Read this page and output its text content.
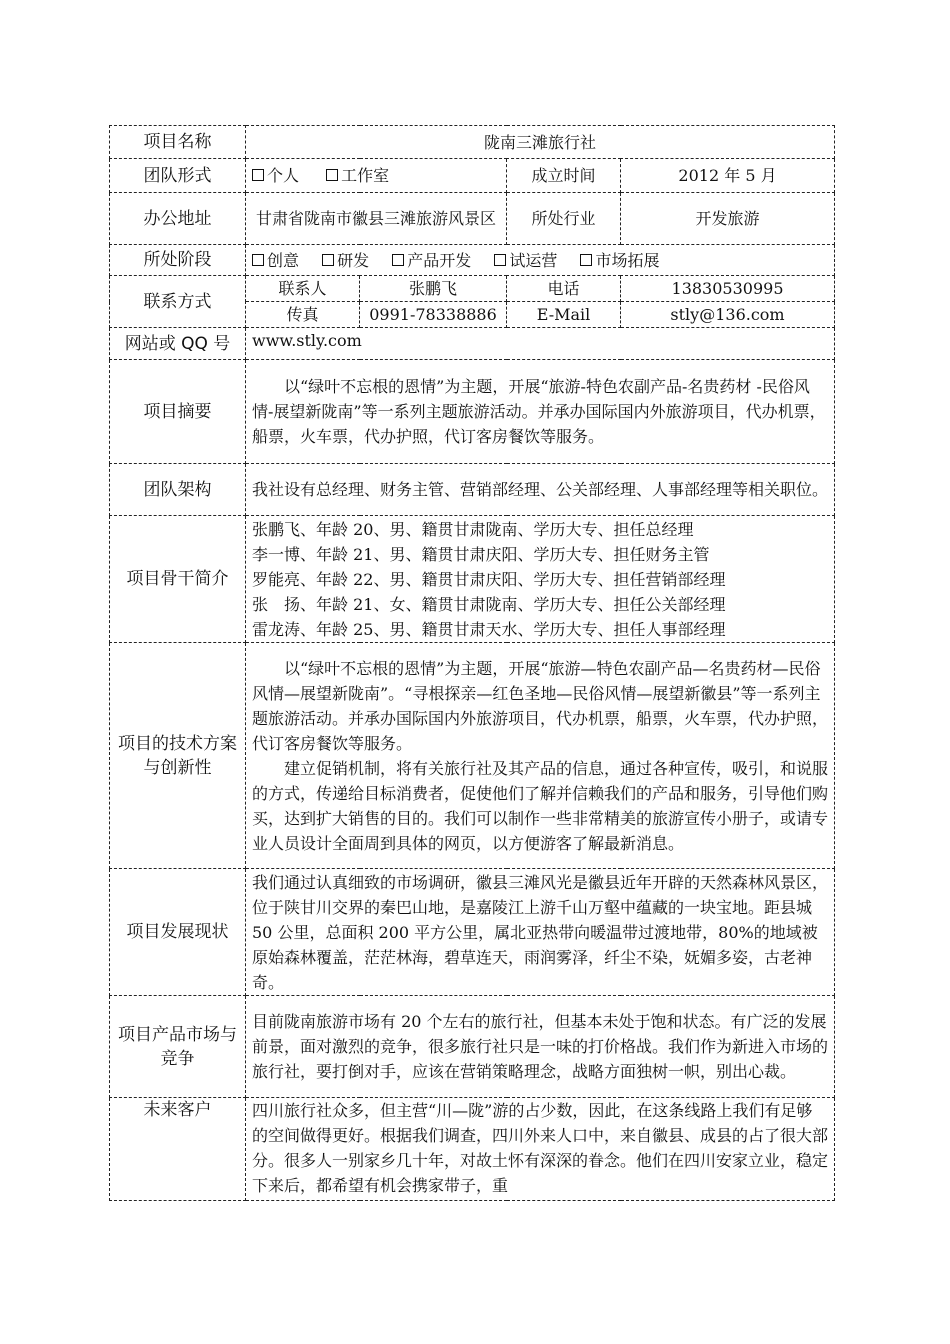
项目名称	陇南三滩旅行社			
团队形式	个人 工作室		成立时间	2012 年 5 月
办公地址	甘肃省陇南市徽县三滩旅游风景区		所处行业	开发旅游
所处阶段	创意 研发 产品开发 试运营 市场拓展			
联系方式	联系人	张鹏飞	电话	13830530995
	传真	0991-78338886	E-Mail	stly@136.com
网站或 QQ 号	www.stly.com			
项目摘要	以“绿叶不忘根的恩情”为主题，开展“旅游-特色农副产品-名贵药材 -民俗风情-展望新陇南”等一系列主题旅游活动。并承办国际国内外旅游项目，代办机票，船票，火车票，代办护照，代订客房餐饮等服务。			

团队架构	我社设有总经理、财务主管、营销部经理、公关部经理、人事部经理等相关职位。			

项目骨干简介	张鹏飞、年龄 20、男、籍贯甘肃陇南、学历大专、担任总经理
李一博、年龄 21、男、籍贯甘肃庆阳、学历大专、担任财务主管
罗能亮、年龄 22、男、籍贯甘肃庆阳、学历大专、担任营销部经理
张　扬、年龄 21、女、籍贯甘肃陇南、学历大专、担任公关部经理
雷龙涛、年龄 25、男、籍贯甘肃天水、学历大专、担任人事部经理			

项目的技术方案与创新性	以“绿叶不忘根的恩情”为主题，开展“旅游—特色农副产品—名贵药材—民俗风情—展望新陇南”。“寻根探亲—红色圣地—民俗风情—展望新徽县”等一系列主题旅游活动。并承办国际国内外旅游项目，代办机票，船票，火车票，代办护照，代订客房餐饮等服务。

建立促销机制，将有关旅行社及其产品的信息，通过各种宣传，吸引，和说服的方式，传递给目标消费者，促使他们了解并信赖我们的产品和服务，引导他们购买，达到扩大销售的目的。我们可以制作一些非常精美的旅游宣传小册子，或请专业人员设计全面周到具体的网页，以方便游客了解最新消息。			

项目发展现状	我们通过认真细致的市场调研，徽县三滩风光是徽县近年开辟的天然森林风景区，位于陕甘川交界的秦巴山地，是嘉陵江上游千山万壑中蕴藏的一块宝地。距县城 50 公里，总面积 200 平方公里，属北亚热带向暖温带过渡地带，80%的地域被原始森林覆盖，茫茫林海，碧草连天，雨润雾泽，纤尘不染，妩媚多姿，古老神奇。			

项目产品市场与竞争	目前陇南旅游市场有 20 个左右的旅行社，但基本未处于饱和状态。有广泛的发展前景，面对激烈的竞争，很多旅行社只是一味的打价格战。我们作为新进入市场的旅行社，要打倒对手，应该在营销策略理念，战略方面独树一帜，别出心裁。			

未来客户	四川旅行社众多，但主营“川—陇”游的占少数，因此，在这条线路上我们有足够的空间做得更好。根据我们调查，四川外来人口中，来自徽县、成县的占了很大部分。很多人一别家乡几十年，对故土怀有深深的眷念。他们在四川安家立业，稳定下来后，都希望有机会携家带子，重			
